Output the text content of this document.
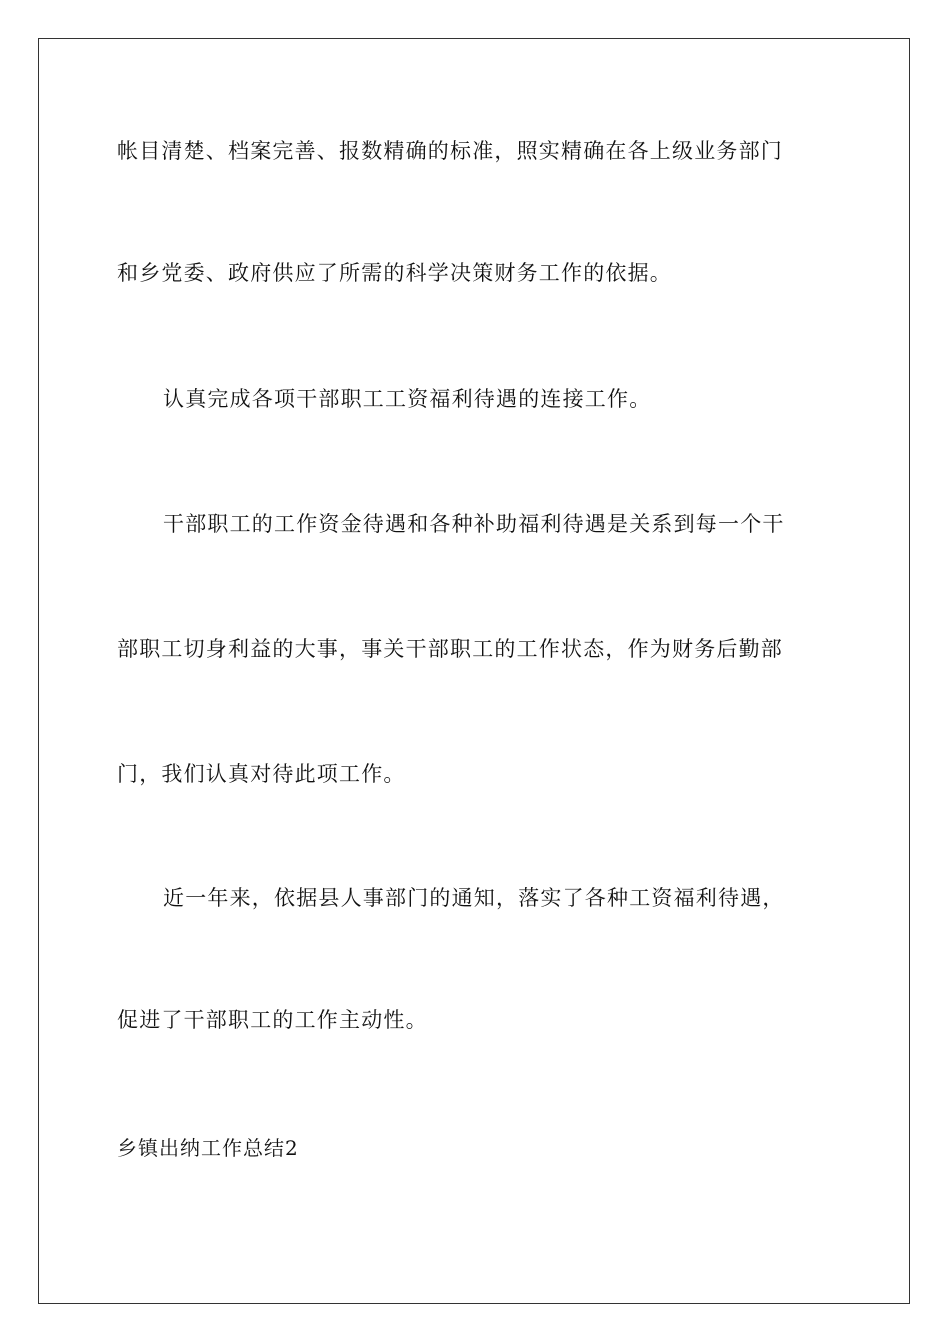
帐目清楚、档案完善、报数精确的标准，照实精确在各上级业务部门
和乡党委、政府供应了所需的科学决策财务工作的依据。
认真完成各项干部职工工资福利待遇的连接工作。
干部职工的工作资金待遇和各种补助福利待遇是关系到每一个干
部职工切身利益的大事，事关干部职工的工作状态，作为财务后勤部
门，我们认真对待此项工作。
近一年来，依据县人事部门的通知，落实了各种工资福利待遇，
促进了干部职工的工作主动性。
乡镇出纳工作总结2
